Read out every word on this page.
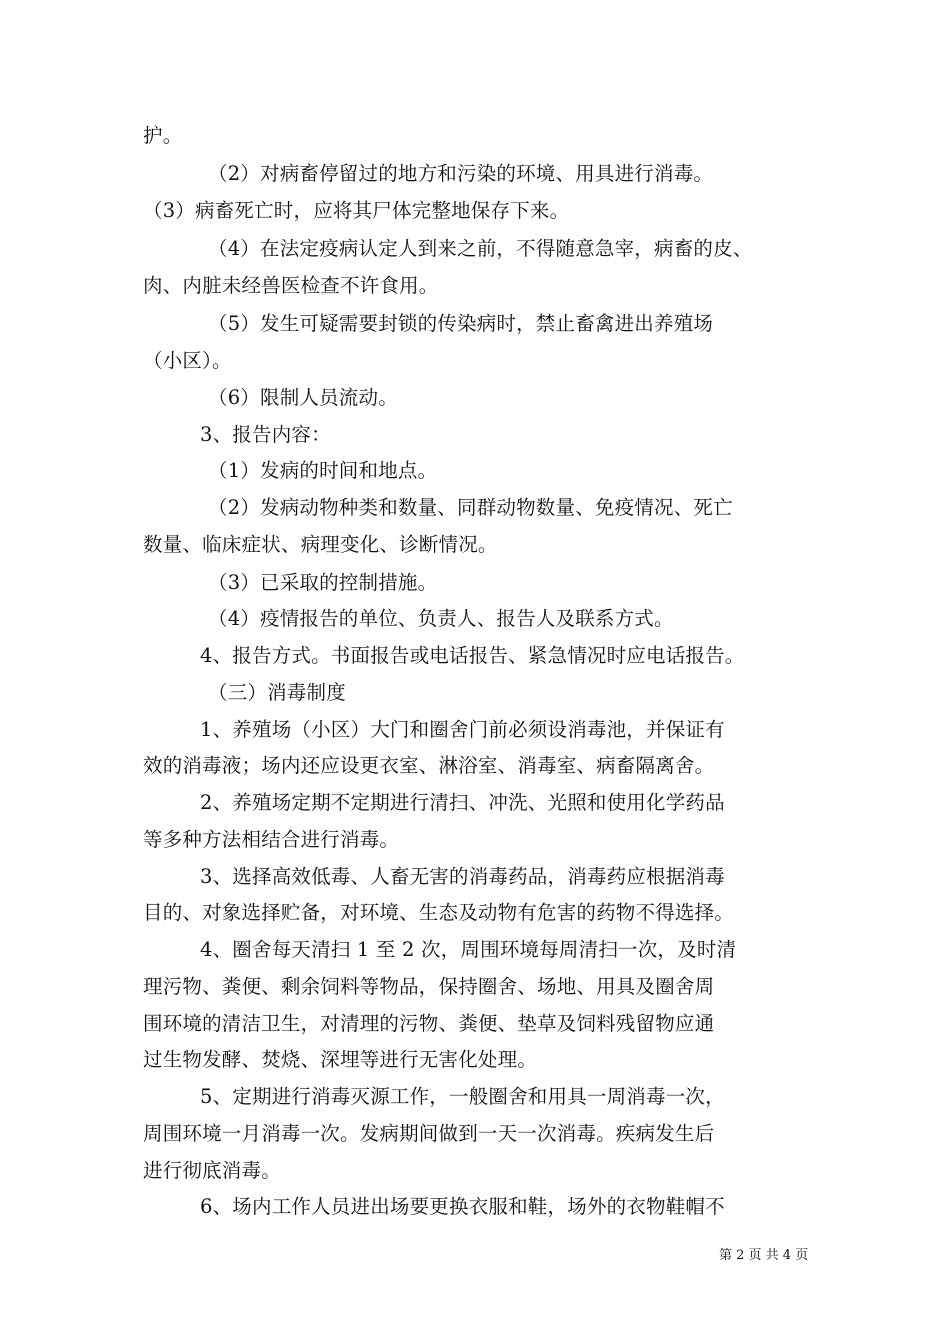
护。
（2）对病畜停留过的地方和污染的环境、用具进行消毒。
（3）病畜死亡时，应将其尸体完整地保存下来。
（4）在法定疫病认定人到来之前，不得随意急宰，病畜的皮、
肉、内脏未经兽医检查不许食用。
（5）发生可疑需要封锁的传染病时，禁止畜禽进出养殖场
（小区）。
（6）限制人员流动。
3、报告内容：
（1）发病的时间和地点。
（2）发病动物种类和数量、同群动物数量、免疫情况、死亡
数量、临床症状、病理变化、诊断情况。
（3）已采取的控制措施。
（4）疫情报告的单位、负责人、报告人及联系方式。
4、报告方式。书面报告或电话报告、紧急情况时应电话报告。
（三）消毒制度
1、养殖场（小区）大门和圈舍门前必须设消毒池，并保证有
效的消毒液；场内还应设更衣室、淋浴室、消毒室、病畜隔离舍。
2、养殖场定期不定期进行清扫、冲洗、光照和使用化学药品
等多种方法相结合进行消毒。
3、选择高效低毒、人畜无害的消毒药品，消毒药应根据消毒
目的、对象选择贮备，对环境、生态及动物有危害的药物不得选择。
4、圈舍每天清扫 1 至 2 次，周围环境每周清扫一次，及时清
理污物、粪便、剩余饲料等物品，保持圈舍、场地、用具及圈舍周
围环境的清洁卫生，对清理的污物、粪便、垫草及饲料残留物应通
过生物发酵、焚烧、深埋等进行无害化处理。
5、定期进行消毒灭源工作，一般圈舍和用具一周消毒一次，
周围环境一月消毒一次。发病期间做到一天一次消毒。疾病发生后
进行彻底消毒。
6、场内工作人员进出场要更换衣服和鞋，场外的衣物鞋帽不
第 2 页 共 4 页
